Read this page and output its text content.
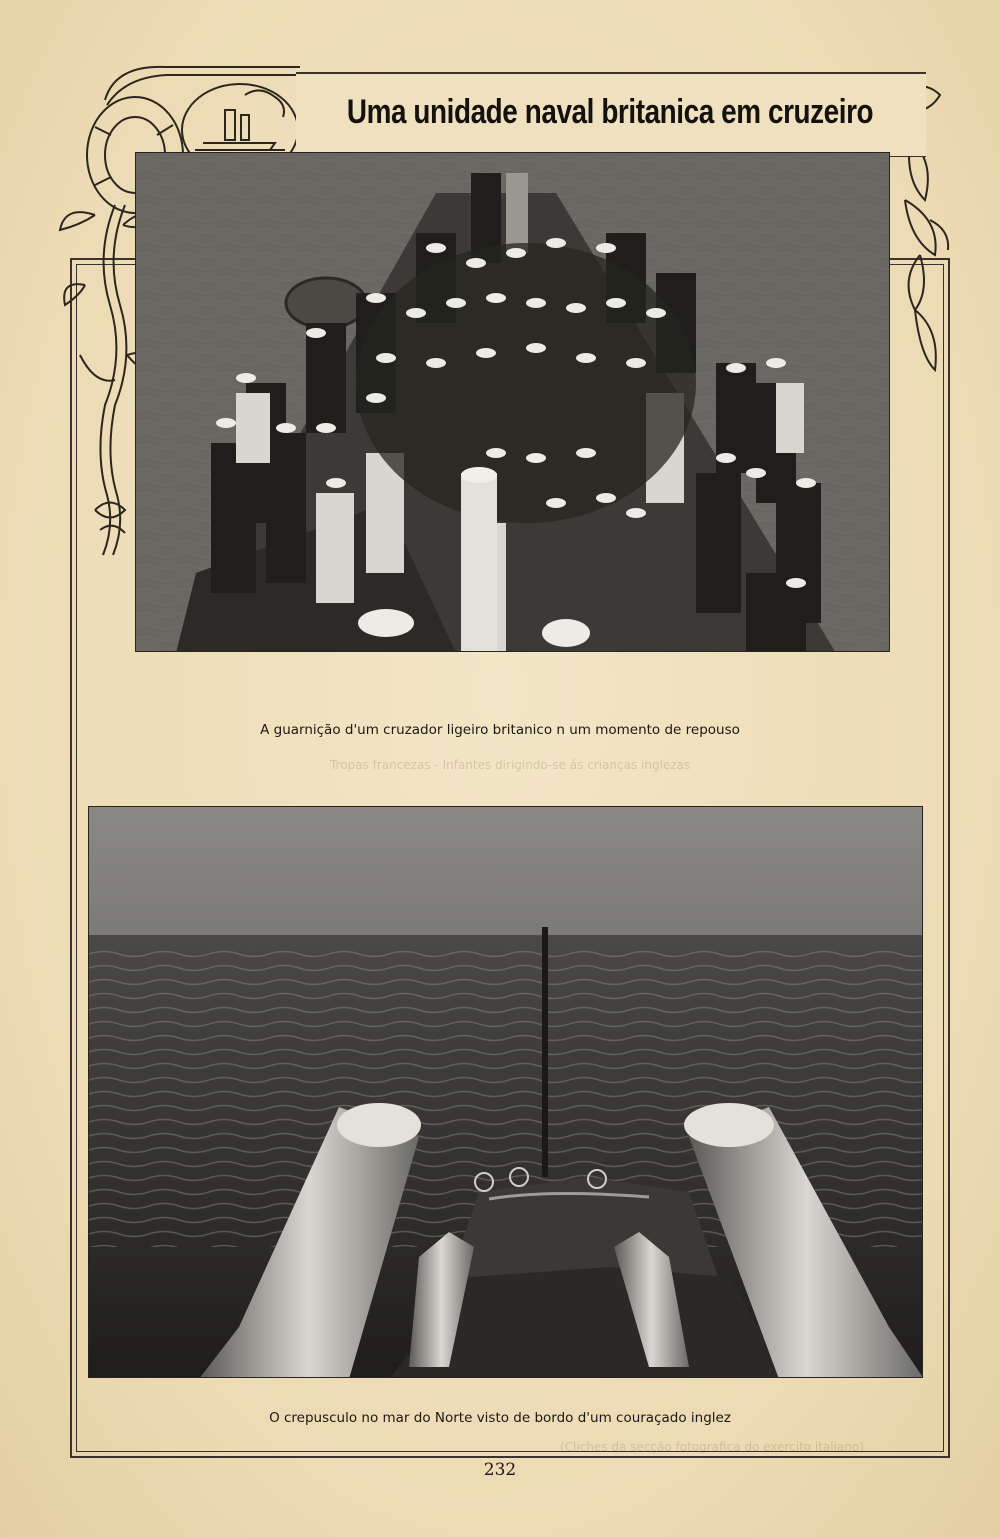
Tropas francezas - Infantes dirigindo-se ás crianças inglezas
(Cliches da secção fotografica do exercito italiano)
Uma unidade naval britanica em cruzeiro
A guarnição d'um cruzador ligeiro britanico n um momento de repouso
O crepusculo no mar do Norte visto de bordo d'um couraçado inglez
232
